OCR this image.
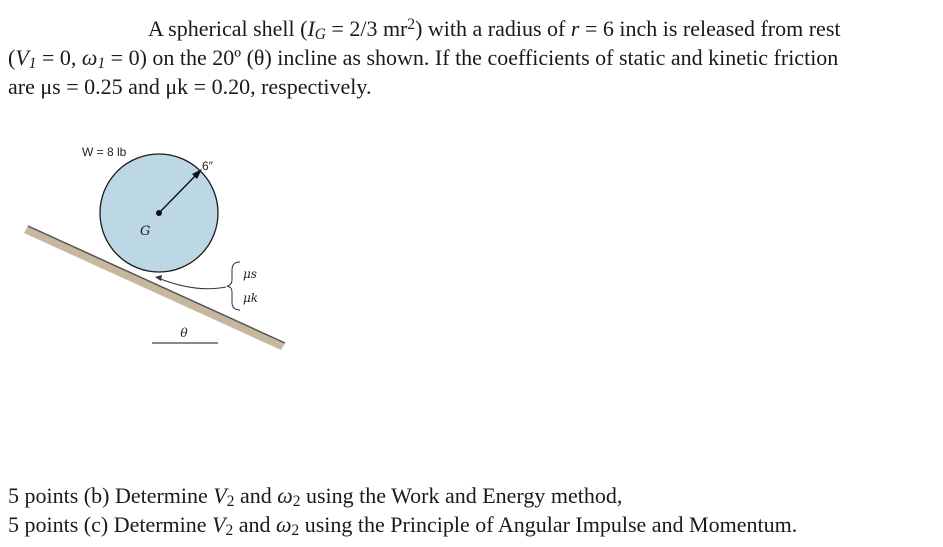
A spherical shell ($I_G = 2/3$ $mr^2$) with a radius of r = 6 inch is released from rest
($V_1 = 0$, $\omega_1 = 0$) on the 20º (θ) incline as shown. If the coefficients of static and kinetic friction
are μs = 0.25 and μk = 0.20, respectively.
θ
W = 8 lb
6″
G
μs
μk
5 points (b) Determine $V_2$ and $\omega_2$ using the Work and Energy method,
5 points (c) Determine $V_2$ and $\omega_2$ using the Principle of Angular Impulse and Momentum.
